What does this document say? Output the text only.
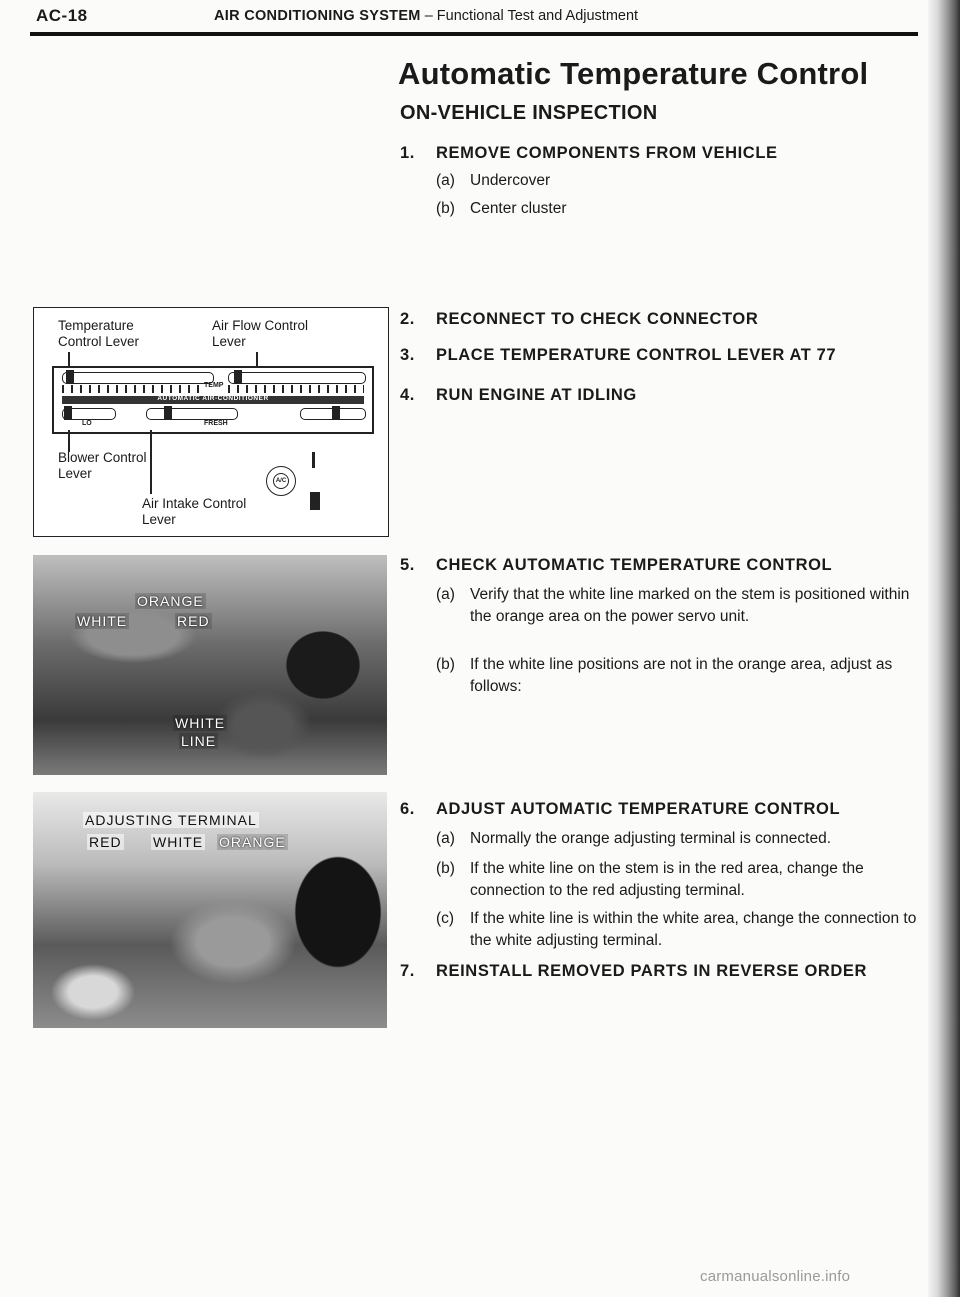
AC-18	AIR CONDITIONING SYSTEM – Functional Test and Adjustment
Automatic Temperature Control
ON-VEHICLE INSPECTION
1. REMOVE COMPONENTS FROM VEHICLE
(a) Undercover
(b) Center cluster
2. RECONNECT TO CHECK CONNECTOR
3. PLACE TEMPERATURE CONTROL LEVER AT 77
4. RUN ENGINE AT IDLING
5. CHECK AUTOMATIC TEMPERATURE CONTROL
(a) Verify that the white line marked on the stem is positioned within the orange area on the power servo unit.
(b) If the white line positions are not in the orange area, adjust as follows:
6. ADJUST AUTOMATIC TEMPERATURE CONTROL
(a) Normally the orange adjusting terminal is connected.
(b) If the white line on the stem is in the red area, change the connection to the red adjusting terminal.
(c) If the white line is within the white area, change the connection to the white adjusting terminal.
7. REINSTALL REMOVED PARTS IN REVERSE ORDER
Temperature Control Lever
Air Flow Control Lever
TEMP
AUTOMATIC AIR-CONDITIONER
LO	FRESH
Blower Control Lever
Air Intake Control Lever
A/C
ORANGE
WHITE	RED
WHITE
LINE
ADJUSTING TERMINAL
RED WHITE ORANGE
carmanualsonline.info
